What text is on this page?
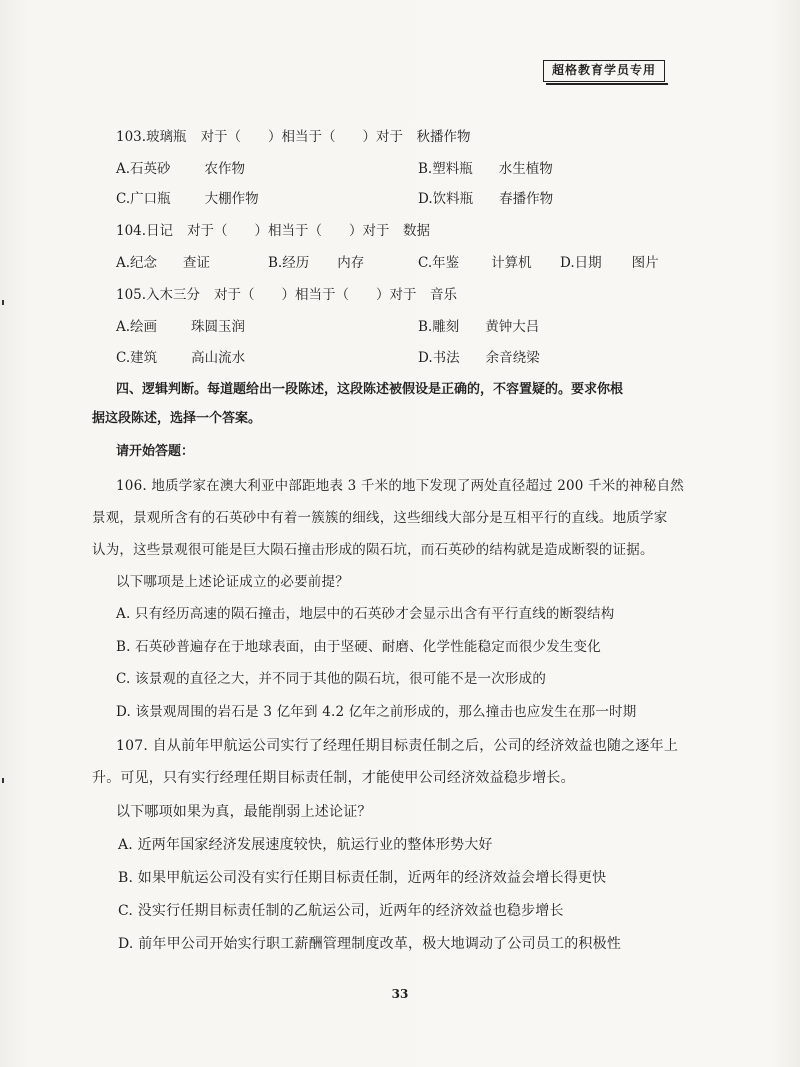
超格教育学员专用
103.玻璃瓶 对于（　　）相当于（　　）对于　秋播作物
A.石英砂	农作物	B.塑料瓶 水生植物
C.广口瓶	大棚作物	D.饮料瓶 春播作物
104.日记 对于（　　）相当于（　　）对于　数据
A.纪念 查证	B.经历 内存	C.年鉴 计算机 D.日期 图片
105.入木三分 对于（　　）相当于（　　）对于　音乐
A.绘画	珠圆玉润	B.雕刻 黄钟大吕
C.建筑	高山流水	D.书法 余音绕梁
四、逻辑判断。每道题给出一段陈述，这段陈述被假设是正确的，不容置疑的。要求你根
据这段陈述，选择一个答案。
请开始答题：
106. 地质学家在澳大利亚中部距地表 3 千米的地下发现了两处直径超过 200 千米的神秘自然
景观，景观所含有的石英砂中有着一簇簇的细线，这些细线大部分是互相平行的直线。地质学家
认为，这些景观很可能是巨大陨石撞击形成的陨石坑，而石英砂的结构就是造成断裂的证据。
以下哪项是上述论证成立的必要前提？
A. 只有经历高速的陨石撞击，地层中的石英砂才会显示出含有平行直线的断裂结构
B. 石英砂普遍存在于地球表面，由于坚硬、耐磨、化学性能稳定而很少发生变化
C. 该景观的直径之大，并不同于其他的陨石坑，很可能不是一次形成的
D. 该景观周围的岩石是 3 亿年到 4.2 亿年之前形成的，那么撞击也应发生在那一时期
107. 自从前年甲航运公司实行了经理任期目标责任制之后，公司的经济效益也随之逐年上
升。可见，只有实行经理任期目标责任制，才能使甲公司经济效益稳步增长。
以下哪项如果为真，最能削弱上述论证？
A. 近两年国家经济发展速度较快，航运行业的整体形势大好
B. 如果甲航运公司没有实行任期目标责任制，近两年的经济效益会增长得更快
C. 没实行任期目标责任制的乙航运公司，近两年的经济效益也稳步增长
D. 前年甲公司开始实行职工薪酬管理制度改革，极大地调动了公司员工的积极性
33
